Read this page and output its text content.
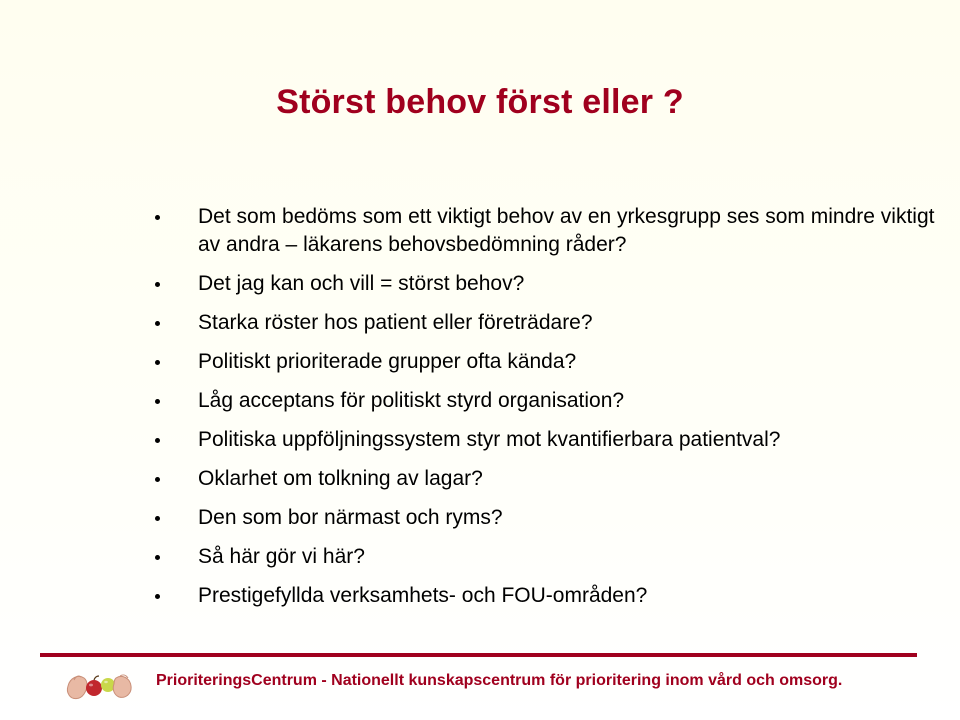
Störst behov först eller ?
Det som bedöms som ett viktigt behov av en yrkesgrupp ses som mindre viktigt av andra – läkarens behovsbedömning råder?
Det jag kan och vill = störst behov?
Starka röster hos patient eller företrädare?
Politiskt prioriterade grupper ofta kända?
Låg acceptans för politiskt styrd organisation?
Politiska uppföljningssystem styr mot kvantifierbara patientval?
Oklarhet om tolkning av lagar?
Den som bor närmast och ryms?
Så här gör vi här?
Prestigefyllda verksamhets- och FOU-områden?
PrioriteringsCentrum - Nationellt kunskapscentrum för prioritering inom vård och omsorg.
